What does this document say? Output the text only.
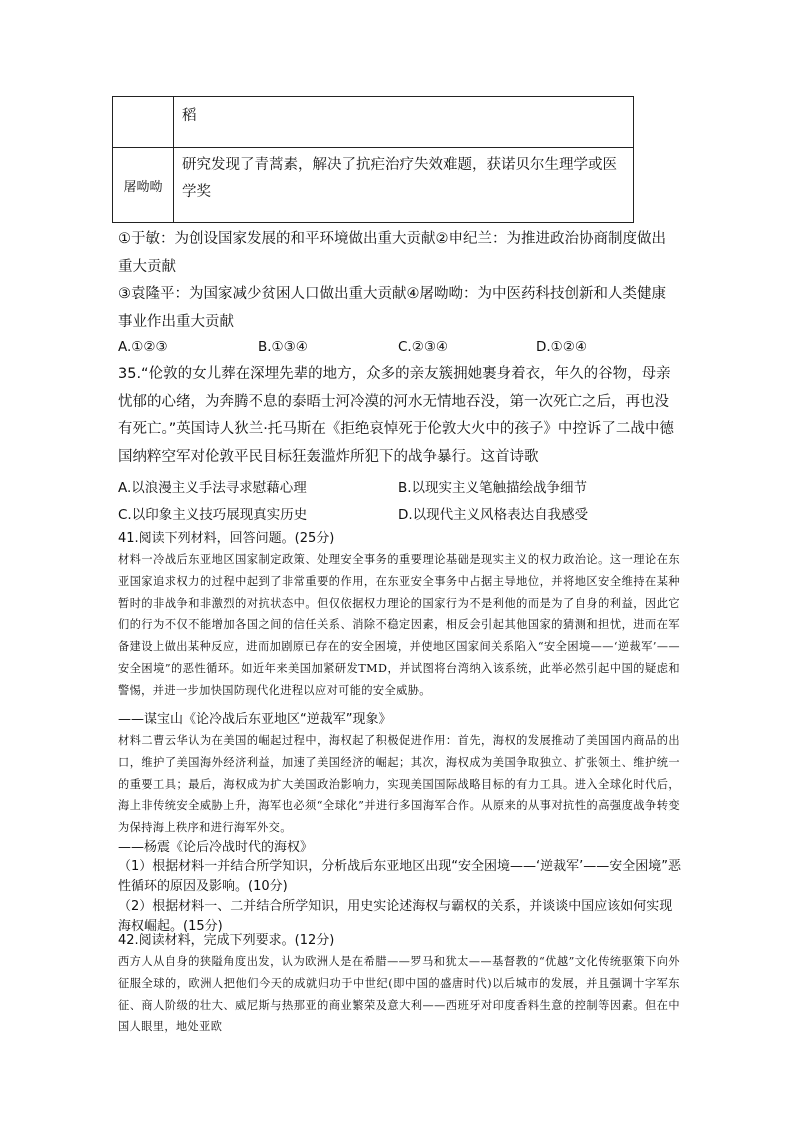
	稻
屠呦呦	研究发现了青蒿素，解决了抗疟治疗失效难题，获诺贝尔生理学或医学奖
①于敏：为创设国家发展的和平环境做出重大贡献②申纪兰：为推进政治协商制度做出重大贡献
③袁隆平：为国家减少贫困人口做出重大贡献④屠呦呦：为中医药科技创新和人类健康事业作出重大贡献
A.①②③	B.①③④	C.②③④	D.①②④
35.“伦敦的女儿葬在深埋先辈的地方，众多的亲友簇拥她裹身着衣，年久的谷物，母亲忧郁的心绪，为奔腾不息的泰晤士河冷漠的河水无情地吞没，第一次死亡之后，再也没有死亡。”英国诗人狄兰·托马斯在《拒绝哀悼死于伦敦大火中的孩子》中控诉了二战中德国纳粹空军对伦敦平民目标狂轰滥炸所犯下的战争暴行。这首诗歌
A.以浪漫主义手法寻求慰藉心理	B.以现实主义笔触描绘战争细节
C.以印象主义技巧展现真实历史	D.以现代主义风格表达自我感受
41.阅读下列材料，回答问题。(25分)
材料一冷战后东亚地区国家制定政策、处理安全事务的重要理论基础是现实主义的权力政治论。这一理论在东亚国家追求权力的过程中起到了非常重要的作用，在东亚安全事务中占据主导地位，并将地区安全维持在某种暂时的非战争和非激烈的对抗状态中。但仅依据权力理论的国家行为不是利他的而是为了自身的利益，因此它们的行为不仅不能增加各国之间的信任关系、消除不稳定因素，相反会引起其他国家的猜测和担忧，进而在军备建设上做出某种反应，进而加剧原已存在的安全困境，并使地区国家间关系陷入“安全困境——‘逆裁军’——安全困境”的恶性循环。如近年来美国加紧研发TMD，并试图将台湾纳入该系统，此举必然引起中国的疑虑和警惕，并进一步加快国防现代化进程以应对可能的安全威胁。
——谋宝山《论冷战后东亚地区“逆裁军”现象》
材料二曹云华认为在美国的崛起过程中，海权起了积极促进作用：首先，海权的发展推动了美国国内商品的出口，维护了美国海外经济利益，加速了美国经济的崛起；其次，海权成为美国争取独立、扩张领土、维护统一的重要工具；最后，海权成为扩大美国政治影响力，实现美国国际战略目标的有力工具。进入全球化时代后，海上非传统安全威胁上升，海军也必须“全球化”并进行多国海军合作。从原来的从事对抗性的高强度战争转变为保持海上秩序和进行海军外交。
——杨震《论后冷战时代的海权》
（1）根据材料一并结合所学知识，分析战后东亚地区出现“安全困境——‘逆裁军’——安全困境”恶性循环的原因及影响。(10分)
（2）根据材料一、二并结合所学知识，用史实论述海权与霸权的关系，并谈谈中国应该如何实现海权崛起。(15分)
42.阅读材料，完成下列要求。(12分)
西方人从自身的狭隘角度出发，认为欧洲人是在希腊——罗马和犹太——基督教的“优越”文化传统驱策下向外征服全球的，欧洲人把他们今天的成就归功于中世纪(即中国的盛唐时代)以后城市的发展，并且强调十字军东征、商人阶级的壮大、威尼斯与热那亚的商业繁荣及意大利——西班牙对印度香料生意的控制等因素。但在中国人眼里，地处亚欧
